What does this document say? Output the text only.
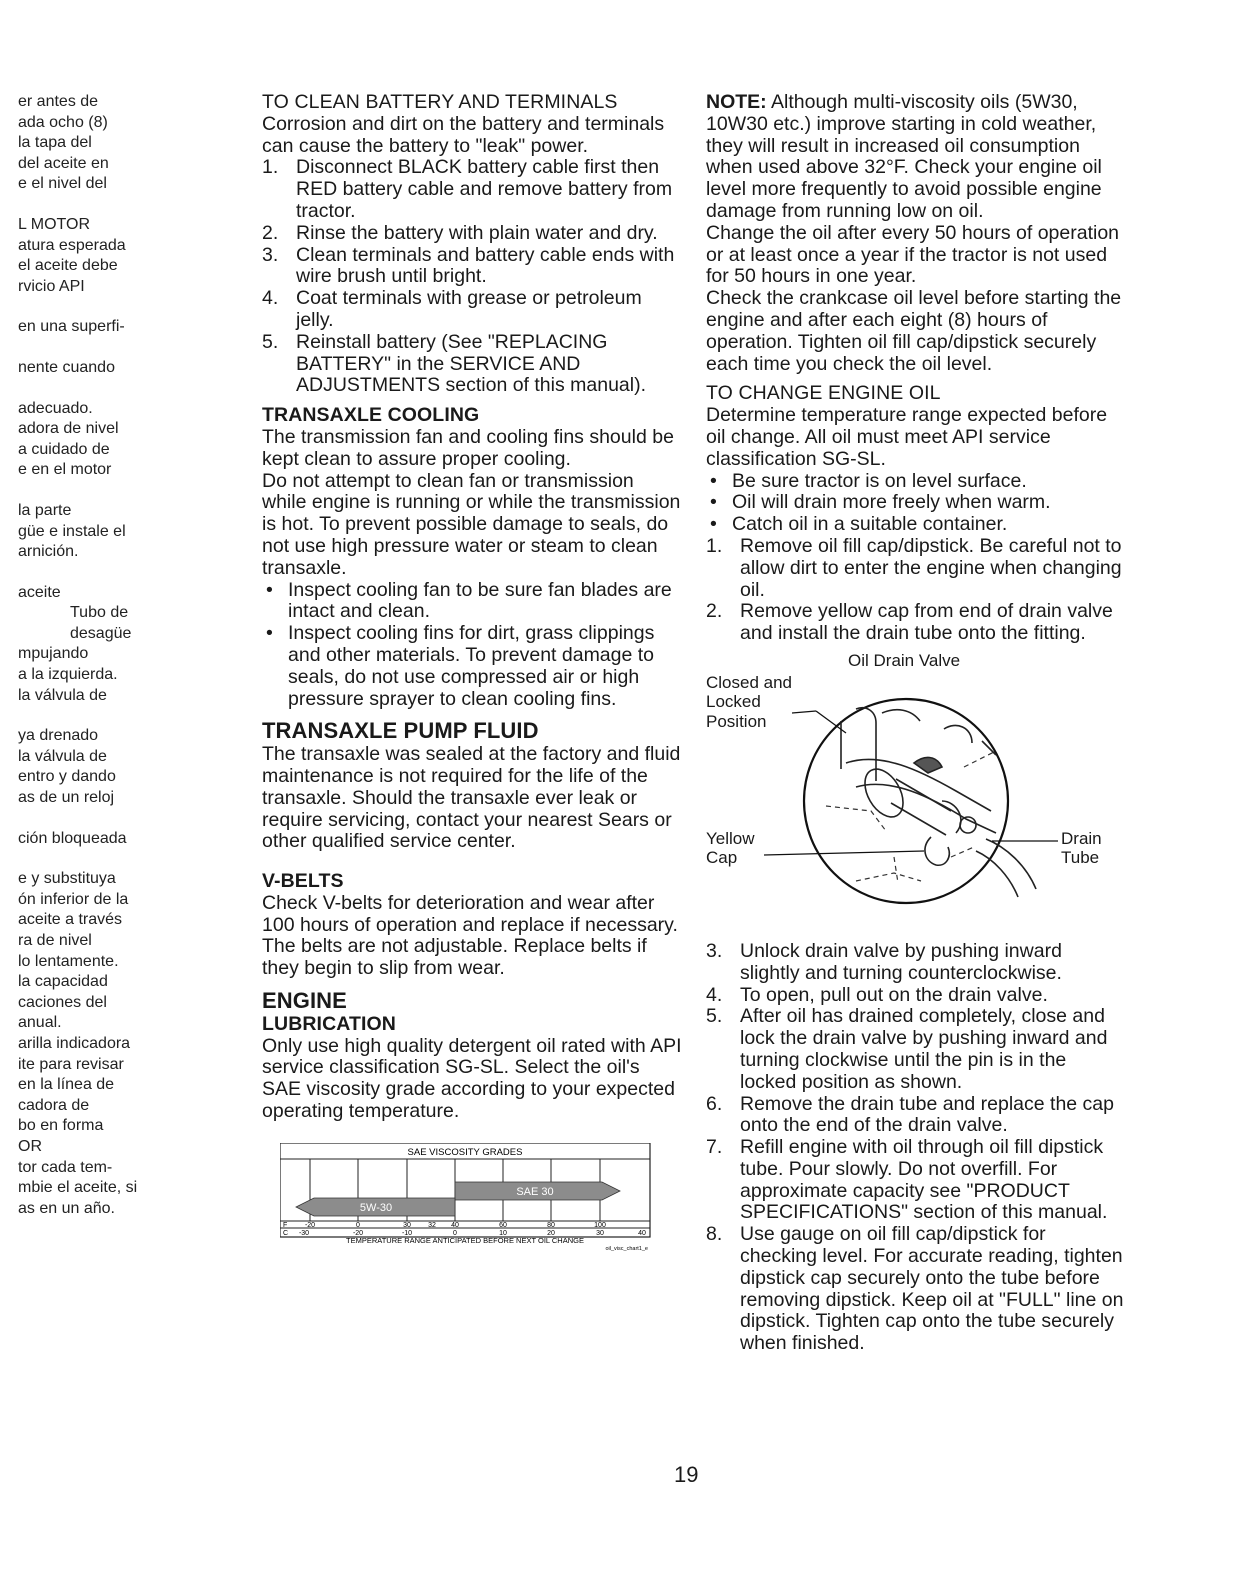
er antes de
ada ocho (8)
la tapa del
del aceite en
e el nivel del
L MOTOR
atura esperada
el aceite debe
rvicio API
en una superfi-
nente cuando
adecuado.
adora de nivel
a cuidado de
e en el motor
la parte
güe e instale el
arnición.
aceite
Tubo de
desagüe
mpujando
a la izquierda.
la válvula de
ya drenado
la válvula de
entro y dando
as de un reloj
ción bloqueada
e y substituya
ón inferior de la
aceite a través
ra de nivel
lo lentamente.
la capacidad
caciones del
anual.
arilla indicadora
ite para revisar
en la línea de
cadora de
bo en forma
OR
tor cada tem-
mbie el aceite, si
as en un año.

TO CLEAN BATTERY AND TERMINALS

Corrosion and dirt on the battery and terminals can cause the battery to "leak" power.

1. Disconnect BLACK battery cable first then RED battery cable and remove battery from tractor.
2. Rinse the battery with plain water and dry.
3. Clean terminals and battery cable ends with wire brush until bright.
4. Coat terminals with grease or petroleum jelly.
5. Reinstall battery (See "REPLACING BATTERY" in the SERVICE AND ADJUSTMENTS section of this manual).

TRANSAXLE COOLING

The transmission fan and cooling fins should be kept clean to assure proper cooling.

Do not attempt to clean fan or transmission while engine is running or while the transmission is hot. To prevent possible damage to seals, do not use high pressure water or steam to clean transaxle.

• Inspect cooling fan to be sure fan blades are intact and clean.
• Inspect cooling fins for dirt, grass clippings and other materials. To prevent damage to seals, do not use compressed air or high pressure sprayer to clean cooling fins.

TRANSAXLE PUMP FLUID

The transaxle was sealed at the factory and fluid maintenance is not required for the life of the transaxle. Should the transaxle ever leak or require servicing, contact your nearest Sears or other qualified service center.

V-BELTS

Check V-belts for deterioration and wear after 100 hours of operation and replace if necessary. The belts are not adjustable. Replace belts if they begin to slip from wear.

ENGINE

LUBRICATION

Only use high quality detergent oil rated with API service classification SG-SL. Select the oil's SAE viscosity grade according to your expected operating temperature.

SAE VISCOSITY GRADES
SAE 30
5W-30
F	-20	0	30 32 40	60	80	100
C -30	-20	-10	0	10	20	30	40
TEMPERATURE RANGE ANTICIPATED BEFORE NEXT OIL CHANGE
oil_visc_chart1_e

NOTE: Although multi-viscosity oils (5W30, 10W30 etc.) improve starting in cold weather, they will result in increased oil consumption when used above 32°F. Check your engine oil level more frequently to avoid possible engine damage from running low on oil.

Change the oil after every 50 hours of operation or at least once a year if the tractor is not used for 50 hours in one year.

Check the crankcase oil level before starting the engine and after each eight (8) hours of operation. Tighten oil fill cap/dipstick securely each time you check the oil level.

TO CHANGE ENGINE OIL

Determine temperature range expected before oil change. All oil must meet API service classification SG-SL.

• Be sure tractor is on level surface.
• Oil will drain more freely when warm.
• Catch oil in a suitable container.
1. Remove oil fill cap/dipstick. Be careful not to allow dirt to enter the engine when changing oil.
2. Remove yellow cap from end of drain valve and install the drain tube onto the fitting.
Oil Drain Valve
Closed and Locked Position
Yellow Cap
Drain Tube
3. Unlock drain valve by pushing inward slightly and turning counterclockwise.
4. To open, pull out on the drain valve.
5. After oil has drained completely, close and lock the drain valve by pushing inward and turning clockwise until the pin is in the locked position as shown.
6. Remove the drain tube and replace the cap onto the end of the drain valve.
7. Refill engine with oil through oil fill dipstick tube. Pour slowly. Do not overfill. For approximate capacity see "PRODUCT SPECIFICATIONS" section of this manual.
8. Use gauge on oil fill cap/dipstick for checking level. For accurate reading, tighten dipstick cap securely onto the tube before removing dipstick. Keep oil at "FULL" line on dipstick. Tighten cap onto the tube securely when finished.
19
